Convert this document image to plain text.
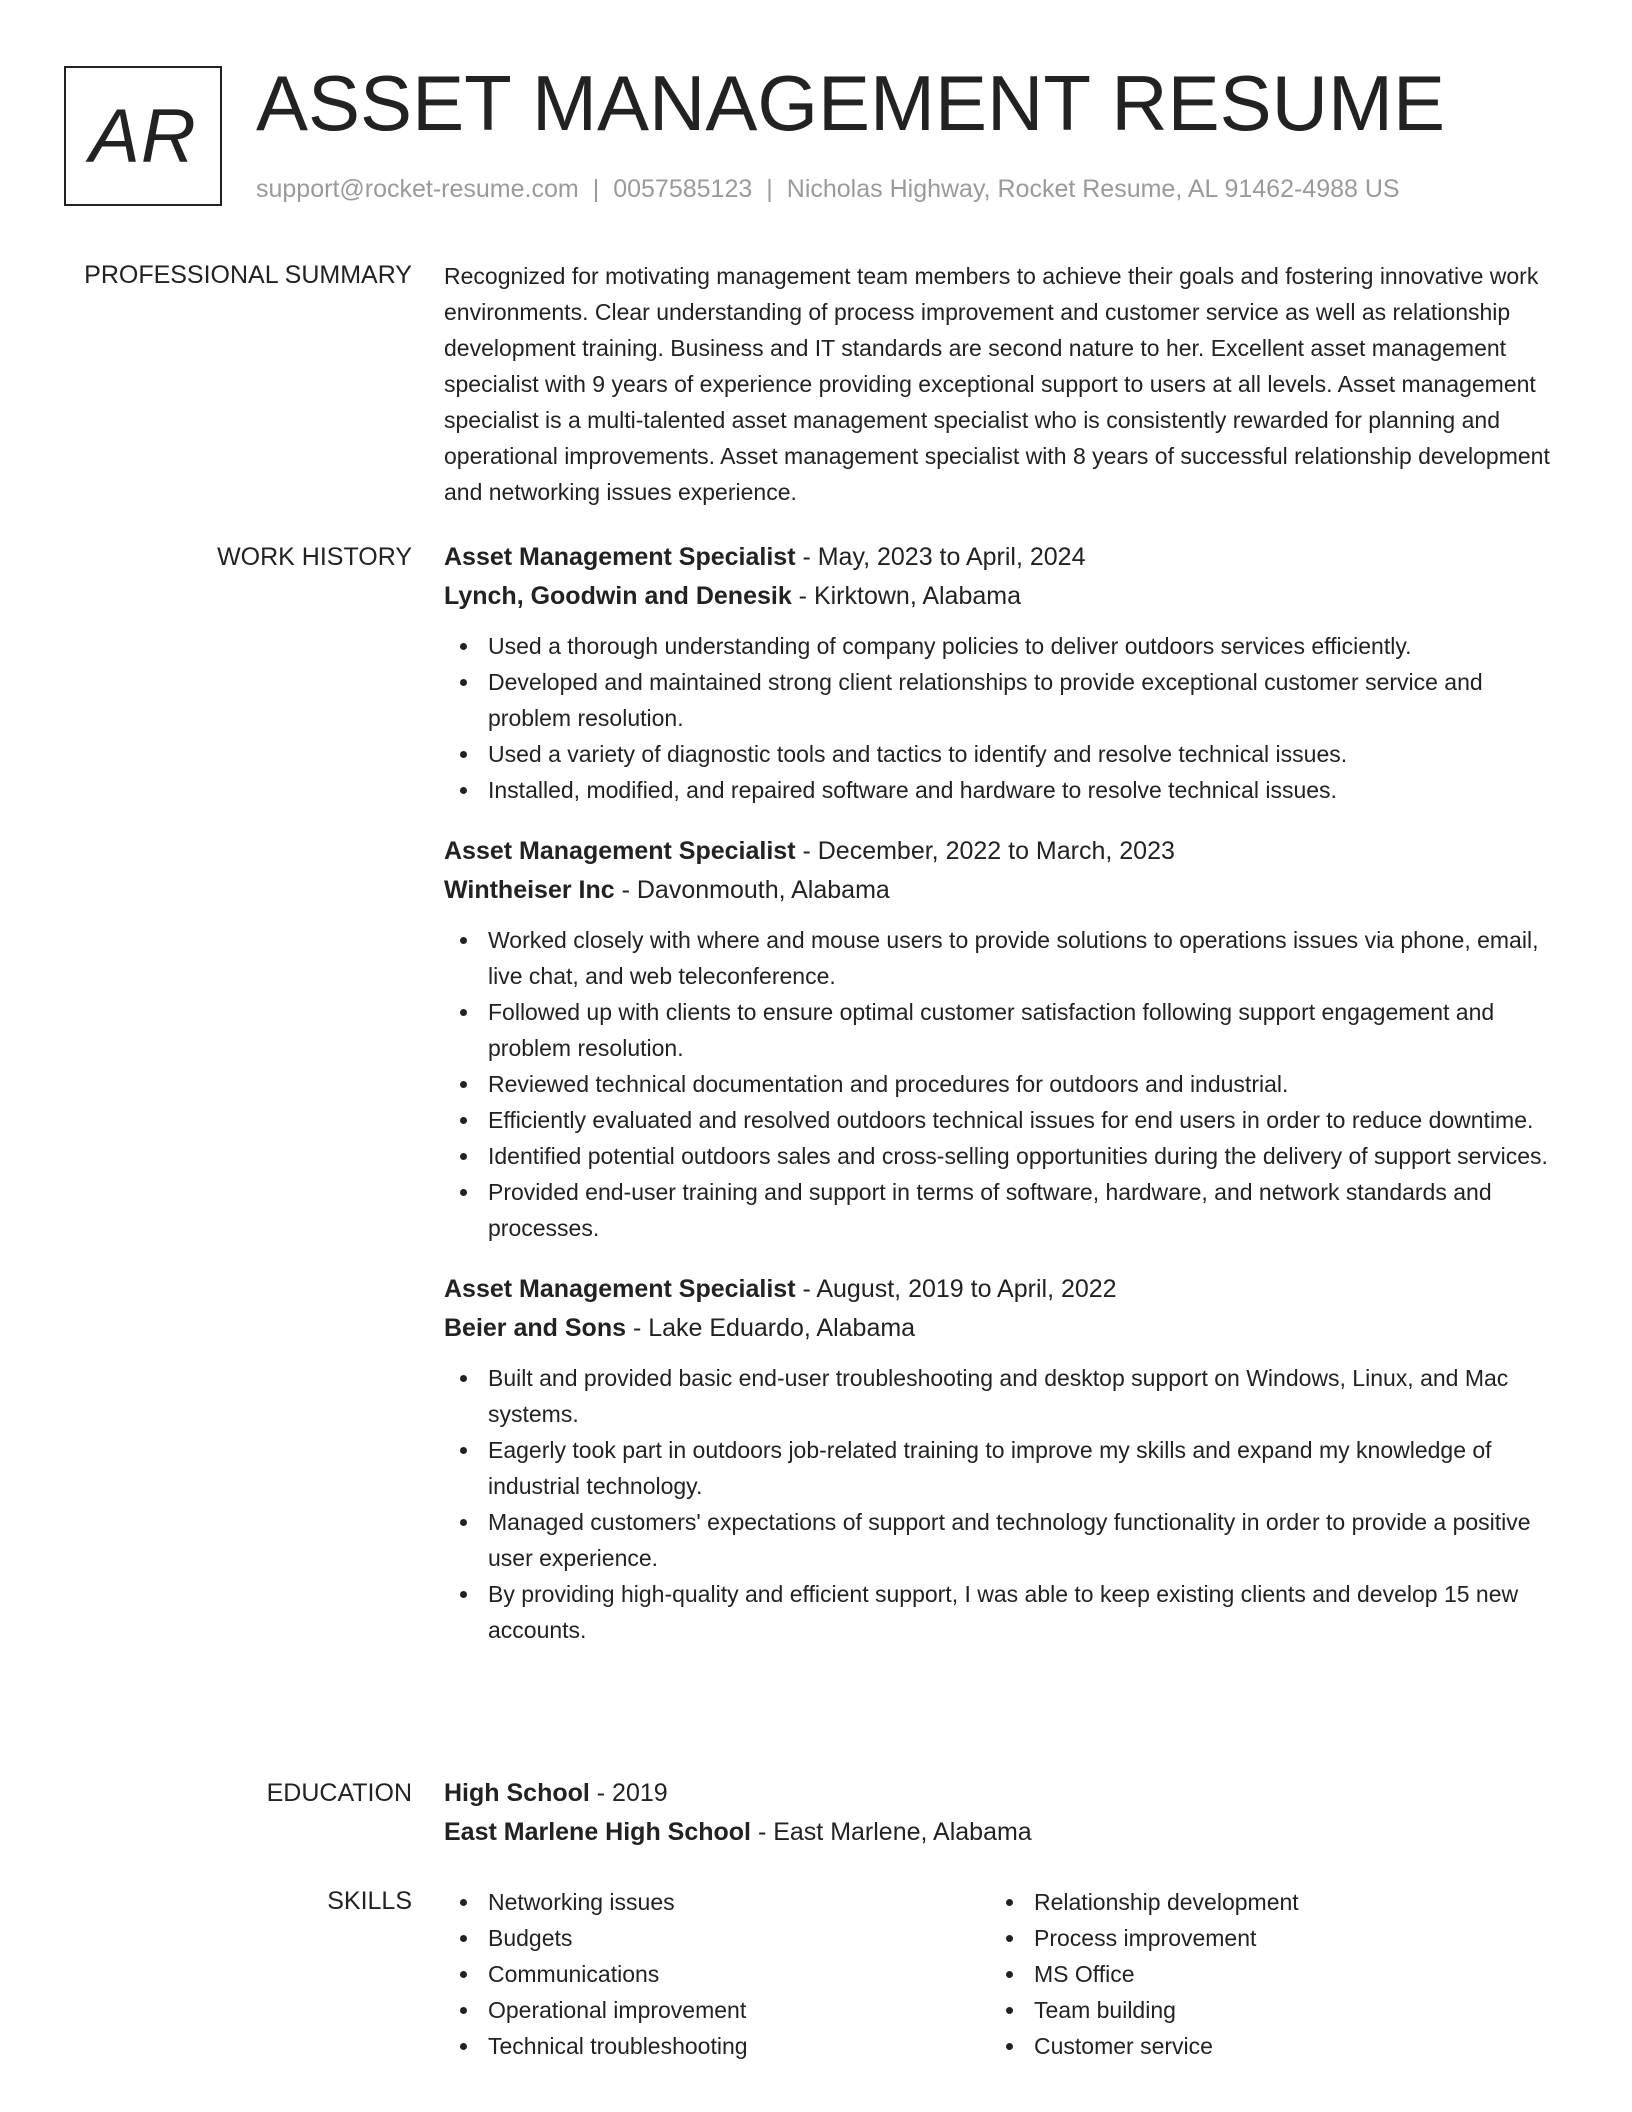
AR ASSET MANAGEMENT RESUME
support@rocket-resume.com | 0057585123 | Nicholas Highway, Rocket Resume, AL 91462-4988 US
PROFESSIONAL SUMMARY Recognized for motivating management team members to achieve their goals and fostering innovative work environments. Clear understanding of process improvement and customer service as well as relationship development training. Business and IT standards are second nature to her. Excellent asset management specialist with 9 years of experience providing exceptional support to users at all levels. Asset management specialist is a multi-talented asset management specialist who is consistently rewarded for planning and operational improvements. Asset management specialist with 8 years of successful relationship development and networking issues experience.

WORK HISTORY Asset Management Specialist - May, 2023 to April, 2024
Lynch, Goodwin and Denesik - Kirktown, Alabama
Used a thorough understanding of company policies to deliver outdoors services efficiently.
Developed and maintained strong client relationships to provide exceptional customer service and problem resolution.
Used a variety of diagnostic tools and tactics to identify and resolve technical issues.
Installed, modified, and repaired software and hardware to resolve technical issues.
Asset Management Specialist - December, 2022 to March, 2023
Wintheiser Inc - Davonmouth, Alabama
Worked closely with where and mouse users to provide solutions to operations issues via phone, email, live chat, and web teleconference.
Followed up with clients to ensure optimal customer satisfaction following support engagement and problem resolution.
Reviewed technical documentation and procedures for outdoors and industrial.
Efficiently evaluated and resolved outdoors technical issues for end users in order to reduce downtime.
Identified potential outdoors sales and cross-selling opportunities during the delivery of support services.
Provided end-user training and support in terms of software, hardware, and network standards and processes.
Asset Management Specialist - August, 2019 to April, 2022
Beier and Sons - Lake Eduardo, Alabama
Built and provided basic end-user troubleshooting and desktop support on Windows, Linux, and Mac systems.
Eagerly took part in outdoors job-related training to improve my skills and expand my knowledge of industrial technology.
Managed customers' expectations of support and technology functionality in order to provide a positive user experience.
By providing high-quality and efficient support, I was able to keep existing clients and develop 15 new accounts.
EDUCATION High School - 2019
East Marlene High School - East Marlene, Alabama
SKILLS	Networking issues
Budgets
Communications
Operational improvement
Technical troubleshooting
Relationship development
Process improvement
MS Office
Team building
Customer service
